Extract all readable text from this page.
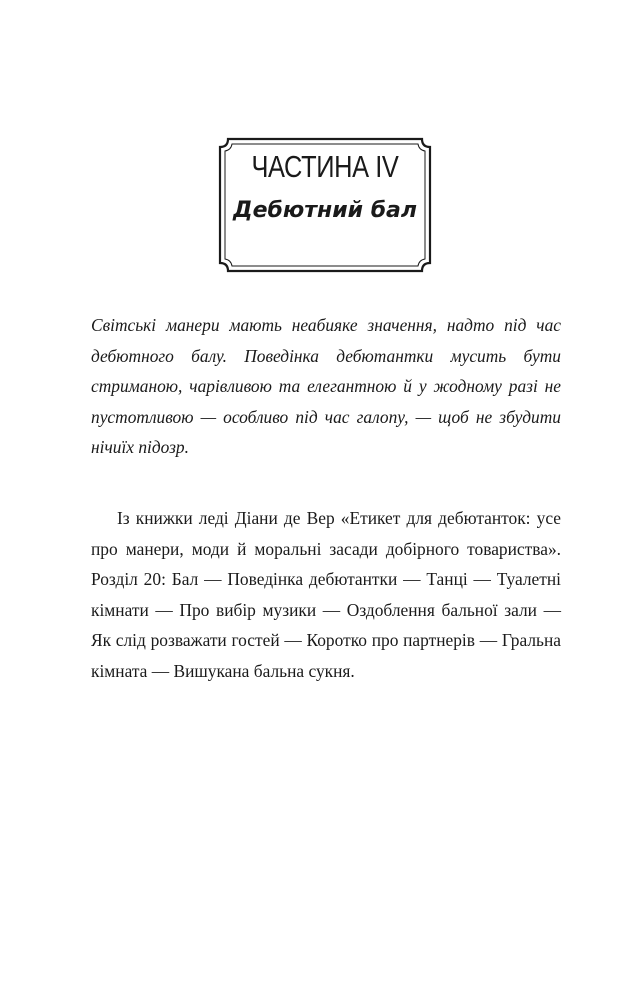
ЧАСТИНА IV
Дебютний бал

Світські манери мають неабияке значення, надто під час дебютного балу. Поведінка дебютантки мусить бути стриманою, чарівливою та елегантною й у жодному разі не пустотливою — особливо під час галопу, — щоб не збудити нічиїх підозр.

Із книжки леді Діани де Вер «Етикет для дебютанток: усе про манери, моди й моральні засади добірного товариства». Розділ 20: Бал — Поведінка дебютантки — Танці — Туалетні кімнати — Про вибір музики — Оздоблення бальної зали — Як слід розважати гостей — Коротко про партнерів — Гральна кімната — Вишукана бальна сукня.
